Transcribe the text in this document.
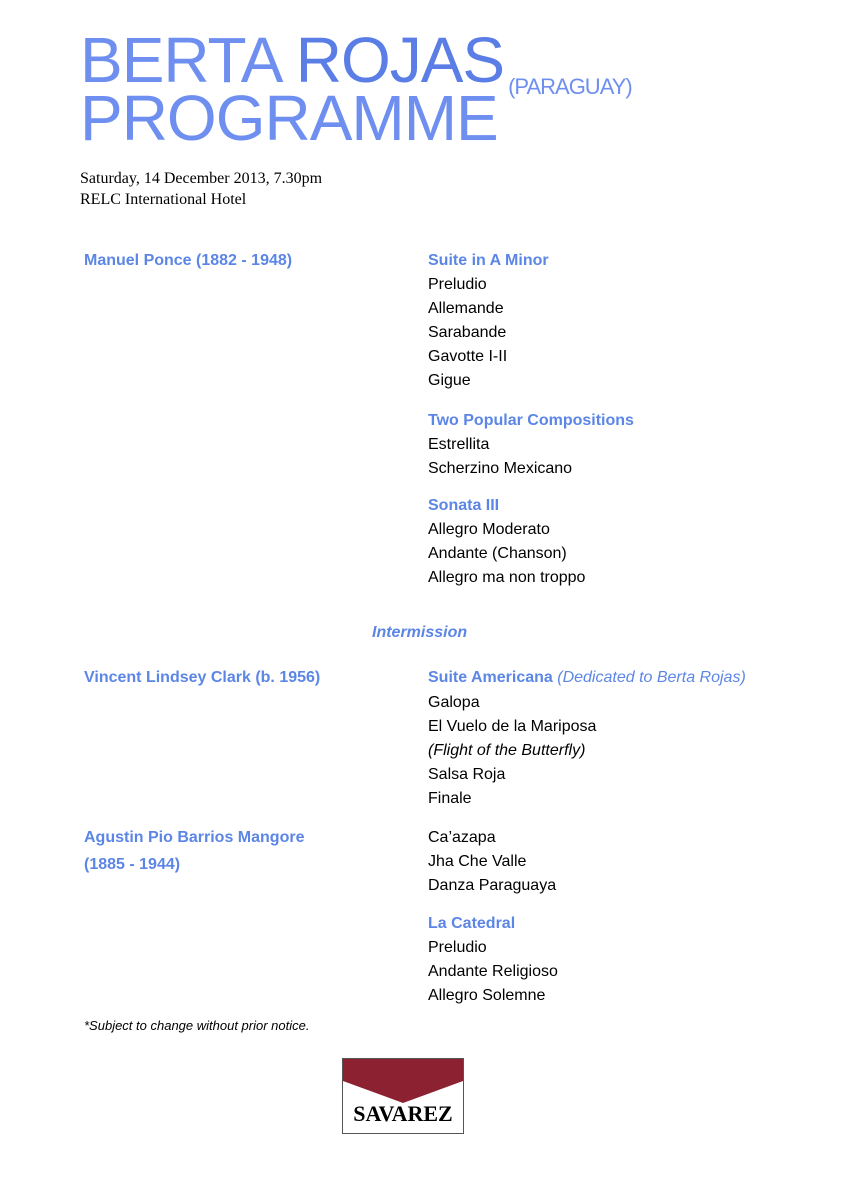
BERTA ROJAS $^{(PARAGUAY)}$
PROGRAMME
Saturday, 14 December 2013, 7.30pm
RELC International Hotel
Manuel Ponce (1882 - 1948)	Suite in A Minor
Preludio
Allemande
Sarabande
Gavotte I-II
Gigue
Two Popular Compositions
Estrellita
Scherzino Mexicano
Sonata III
Allegro Moderato
Andante (Chanson)
Allegro ma non troppo
Intermission
Vincent Lindsey Clark (b. 1956)	Suite Americana (Dedicated to Berta Rojas)
Galopa
El Vuelo de la Mariposa
(Flight of the Butterfly)
Salsa Roja
Finale
Agustin Pio Barrios Mangore
(1885 - 1944)
Ca’azapa
Jha Che Valle
Danza Paraguaya
La Catedral
Preludio
Andante Religioso
Allegro Solemne
*Subject to change without prior notice.
SAVAREZ
